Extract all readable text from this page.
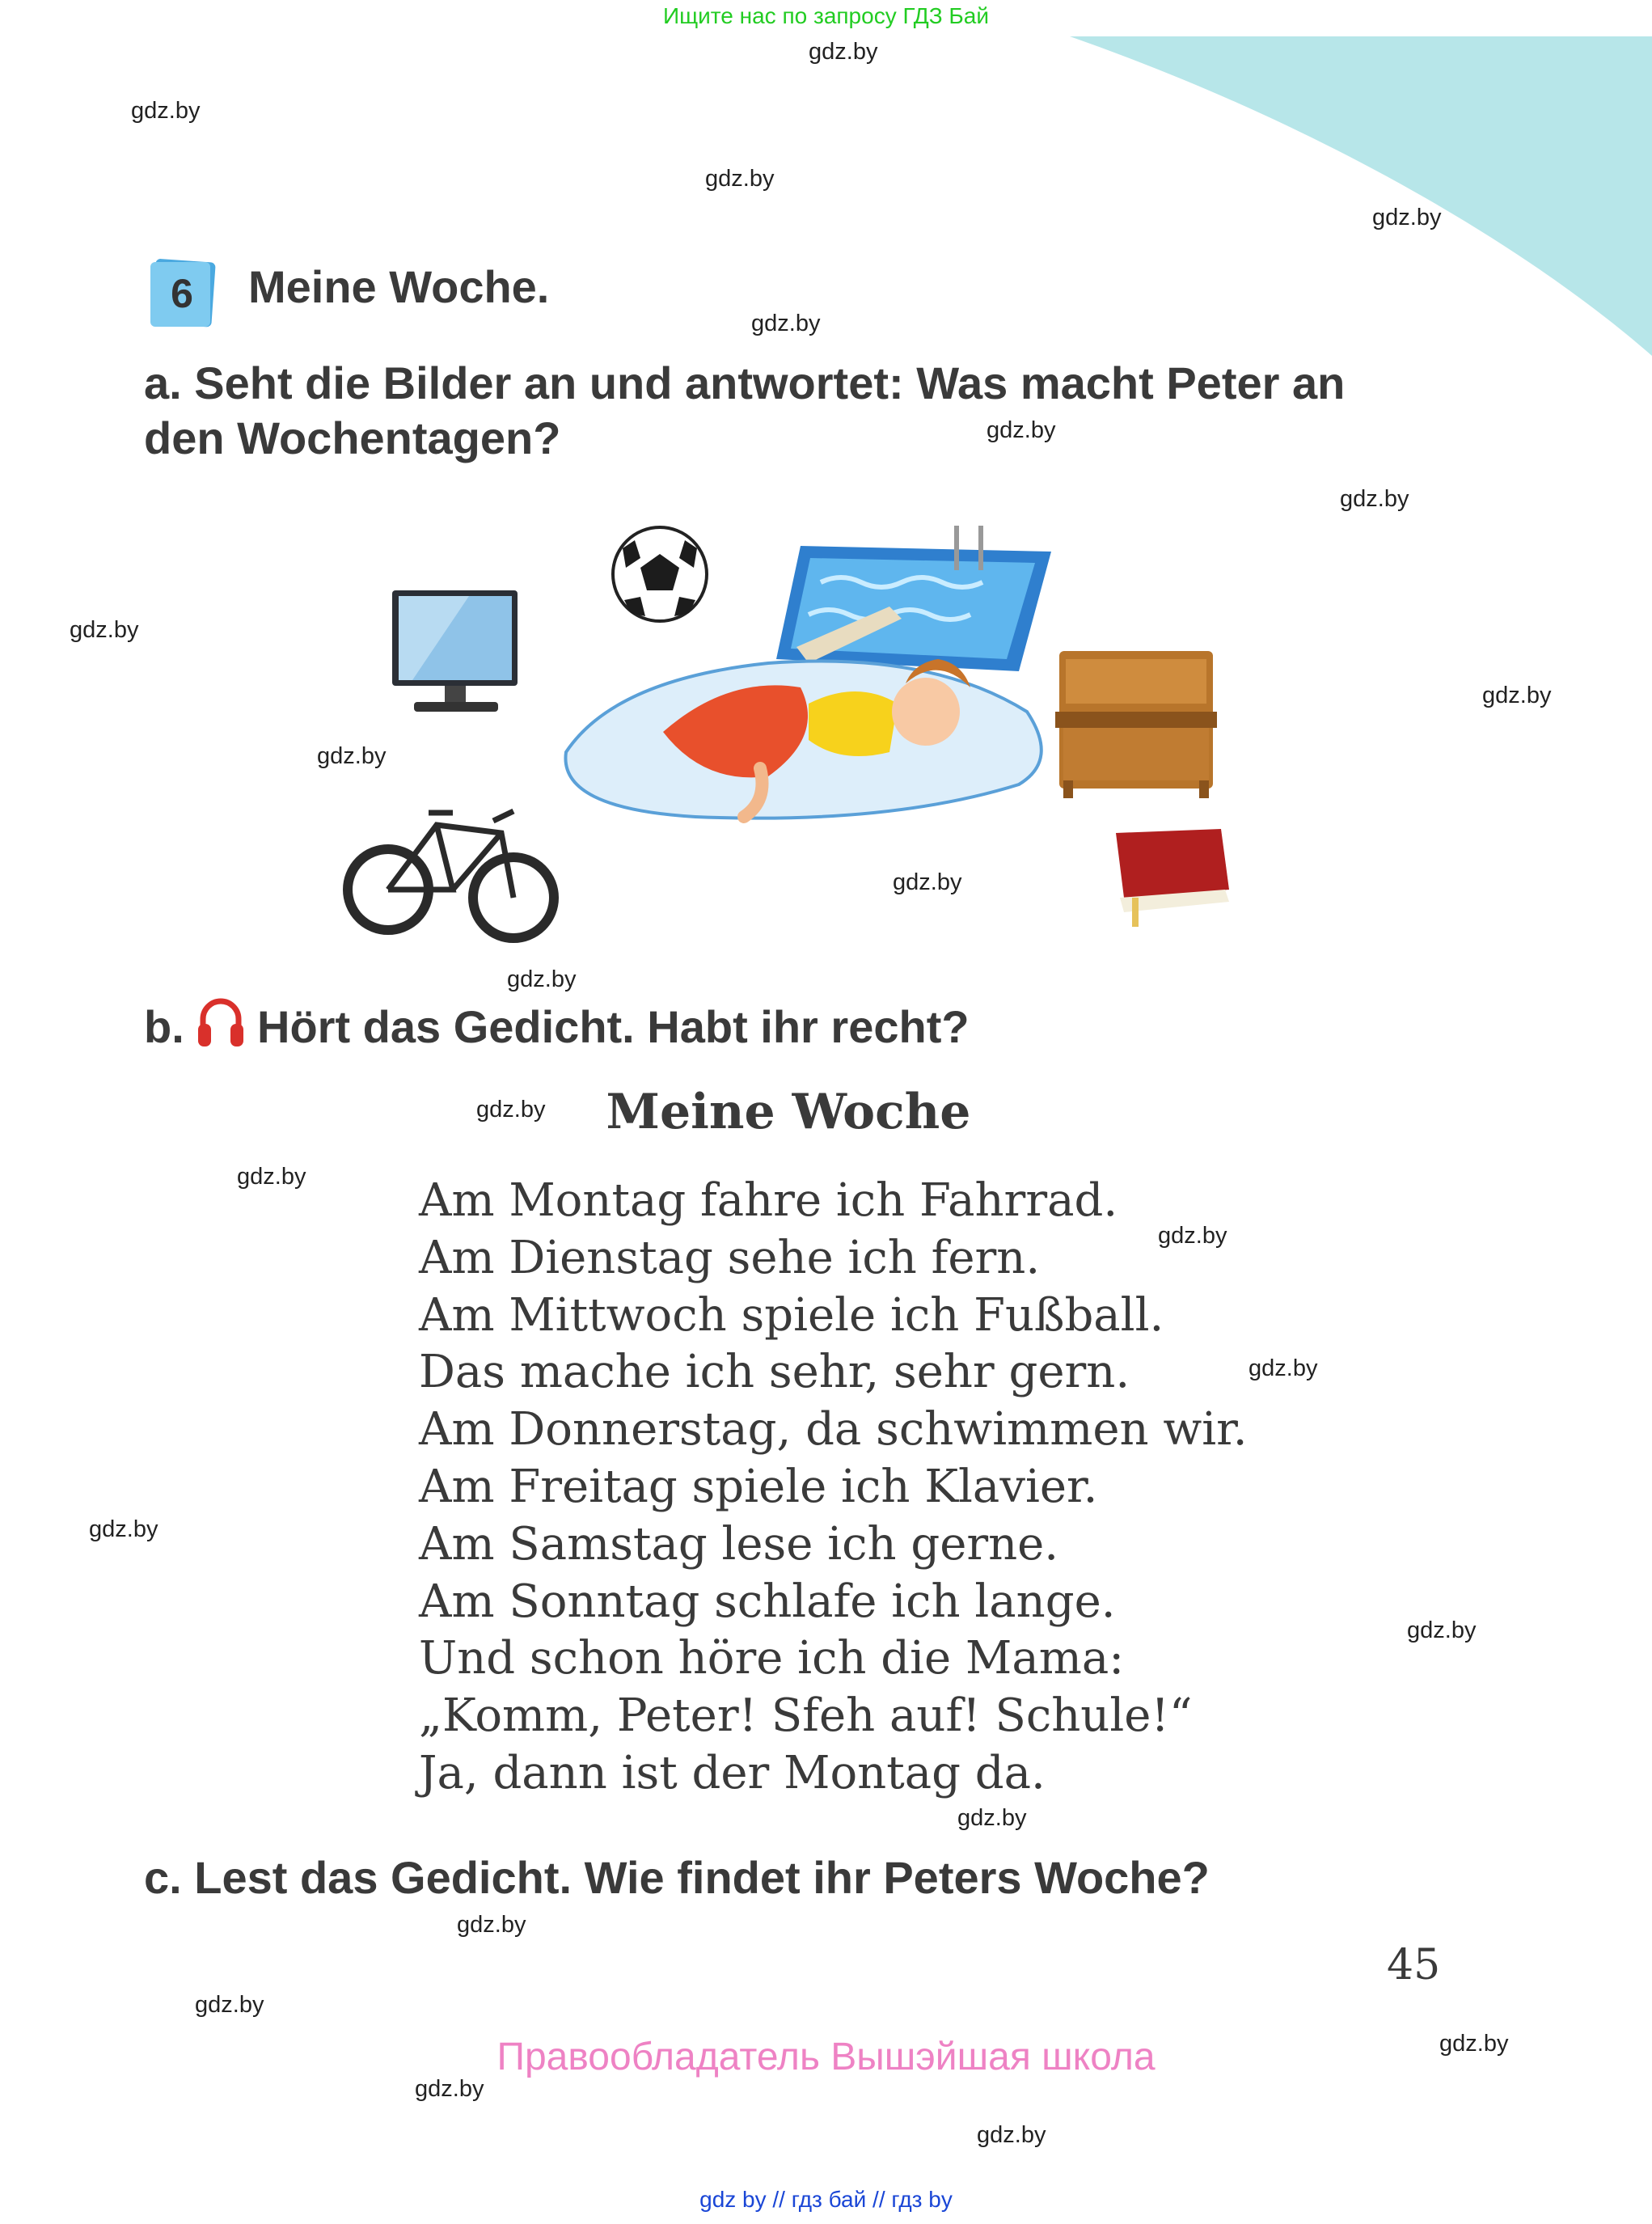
Ищите нас по запросу ГДЗ Бай
gdz.by
gdz.by
gdz.by
gdz.by
gdz.by
gdz.by
gdz.by
gdz.by
gdz.by
gdz.by
gdz.by
gdz.by
gdz.by
gdz.by
gdz.by
gdz.by
gdz.by
gdz.by
gdz.by
gdz.by
gdz.by
gdz.by
gdz.by
gdz.by
6	Meine Woche.
a. Seht die Bilder an und antwortet: Was macht Peter an den Wochentagen?
b. Hört das Gedicht. Habt ihr recht?
Meine Woche
Am Montag fahre ich Fahrrad.
Am Dienstag sehe ich fern.
Am Mittwoch spiele ich Fußball.
Das mache ich sehr, sehr gern.
Am Donnerstag, da schwimmen wir.
Am Freitag spiele ich Klavier.
Am Samstag lese ich gerne.
Am Sonntag schlafe ich lange.
Und schon höre ich die Mama:
„Komm, Peter! Sfeh auf! Schule!“
Ja, dann ist der Montag da.
c. Lest das Gedicht. Wie findet ihr Peters Woche?
45
Правообладатель Вышэйшая школа
gdz by // гдз бай // гдз by
